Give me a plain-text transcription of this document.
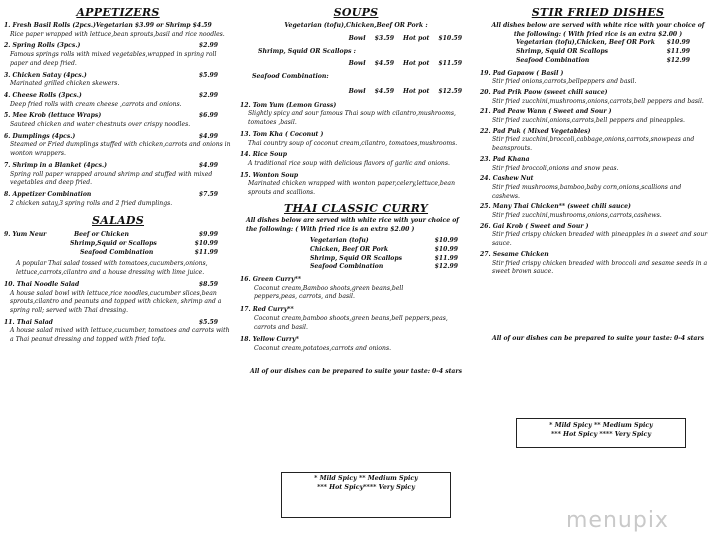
APPETIZERS

1. Fresh Basil Rolls (2pcs.)Vegetarian $3.99 or Shrimp $4.59

Rice paper wrapped with lettuce,bean sprouts,basil and rice noodles.

2. Spring Rolls (3pcs.)	$2.99

Famous springs rolls with mixed vegetables,wrapped in spring roll paper and deep fried.

3. Chicken Satay (4pcs.)	$5.99

Marinated grilled chicken skewers.

4. Cheese Rolls (3pcs.)	$2.99

Deep fried rolls with cream cheese ,carrots and onions.

5. Mee Krob (lettuce Wraps)	$6.99

Sauteed chicken and water chestnuts over crispy noodles.

6. Dumplings (4pcs.)	$4.99

Steamed or Fried dumplings stuffed with chicken,carrots and onions in wonton wrappers.

7. Shrimp in a Blanket (4pcs.)	$4.99

Spring roll paper wrapped around shrimp and stuffed with mixed vegetables and deep fried.

8. Appetizer Combination	$7.59

2 chicken satay,3 spring rolls and 2 fried dumplings.

SALADS

9. Yum Neur	Beef or Chicken	$9.99
Shrimp,Squid or Scallops	$10.99
Seafood Combination	$11.99

A popular Thai salad tossed with tomatoes,cucumbers,onions, lettuce,carrots,cilantro and a house dressing with lime juice.

10. Thai Noodle Salad	$8.59

A house salad bowl with lettuce,rice noodles,cucumber slices,bean sprouts,cilantro and peanuts and topped with chicken, shrimp and a spring roll; served with Thai dressing.

11. Thai Salad	$5.59

A house salad mixed with lettuce,cucumber, tomatoes and carrots with a Thai peanut dressing and topped with fried tofu.

SOUPS

Vegetarian (tofu),Chicken,Beef OR Pork :
Bowl $3.59 Hot pot $10.59
Shrimp, Squid OR Scallops :
Bowl $4.59 Hot pot $11.59
Seafood Combination:
Bowl $4.59 Hot pot $12.59

12. Tom Yum (Lemon Grass)

Slightly spicy and sour famous Thai soup with cilantro,mushrooms, tomatoes ,basil.

13. Tom Kha ( Coconut )

Thai country soup of coconut cream,cilantro, tomatoes,mushrooms.

14. Rice Soup

A traditional rice soup with delicious flavors of garlic and onions.

15. Wonton Soup

Marinated chicken wrapped with wonton paper,celery,lettuce,bean sprouts and scallions.

THAI CLASSIC CURRY

All dishes below are served with white rice with your choice of the following: ( With fried rice is an extra $2.00 )

Vegetarian (tofu)	$10.99
Chicken, Beef OR Pork	$10.99
Shrimp, Squid OR Scallops	$11.99
Seafood Combination	$12.99

16. Green Curry**

Coconut cream,Bamboo shoots,green beans,bell peppers,peas, carrots, and basil.

17. Red Curry**

Coconut cream,bamboo shoots,green beans,bell peppers,peas, carrots and basil.

18. Yellow Curry*

Coconut cream,potatoes,carrots and onions.

All of our dishes can be prepared to suite your taste: 0-4 stars

* Mild Spicy ** Medium Spicy
*** Hot Spicy**** Very Spicy

STIR FRIED DISHES

All dishes below are served with white rice with your choice of the following: ( With fried rice is an extra $2.00 )

Vegetarian (tofu),Chicken, Beef OR Pork	$10.99
Shrimp, Squid OR Scallops	$11.99
Seafood Combination	$12.99

19. Pad Gapaow ( Basil )

Stir fried onions,carrots,bellpeppers and basil.

20. Pad Prik Paow (sweet chili sauce)

Stir fried zucchini,mushrooms,onions,carrots,bell peppers and basil.

21. Pad Peaw Wann ( Sweet and Sour )

Stir fried zucchini,onions,carrots,bell peppers and pineapples.

22. Pad Puk ( Mixed Vegetables)

Stir fried zucchini,broccoli,cabbage,onions,carrots,snowpeas and beansprouts.

23. Pad Khana

Stir fried broccoli,onions and snow peas.

24. Cashew Nut

Stir fried mushrooms,bamboo,baby corn,onions,scallions and cashews.

25. Many Thai Chicken** (sweet chili sauce)

Stir fried zucchini,mushrooms,onions,carrots,cashews.

26. Gai Krob ( Sweet and Sour )

Stir fried crispy chicken breaded with pineapples in a sweet and sour sauce.

27. Sesame Chicken

Stir fried crispy chicken breaded with broccoli and sesame seeds in a sweet brown sauce.

All of our dishes can be prepared to suite your taste: 0-4 stars

* Mild Spicy ** Medium Spicy
*** Hot Spicy **** Very Spicy
menupix
